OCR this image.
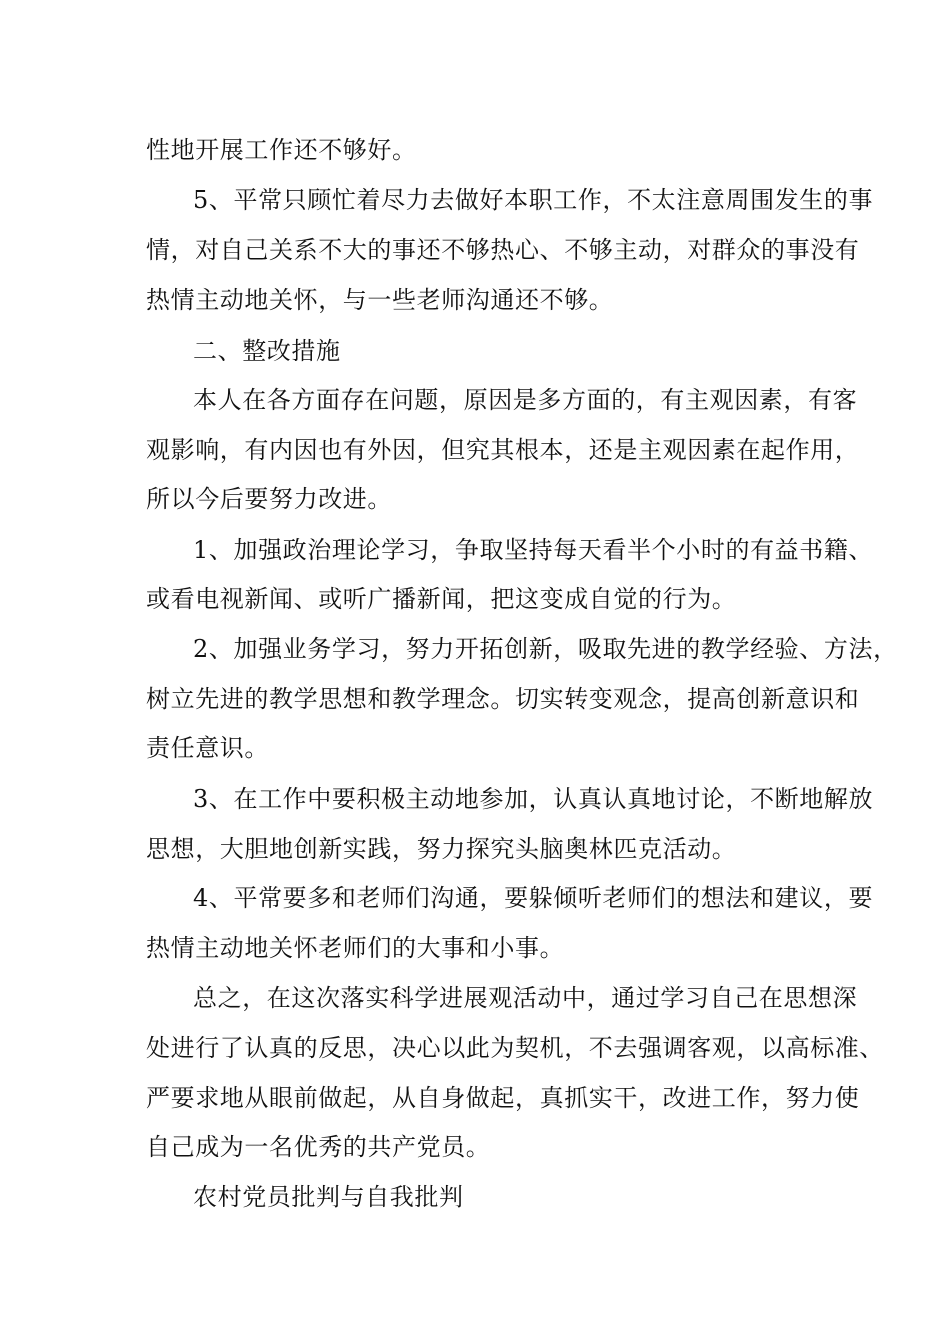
性地开展工作还不够好。
5、平常只顾忙着尽力去做好本职工作，不太注意周围发生的事
情，对自己关系不大的事还不够热心、不够主动，对群众的事没有
热情主动地关怀，与一些老师沟通还不够。
二、整改措施
本人在各方面存在问题，原因是多方面的，有主观因素，有客
观影响，有内因也有外因，但究其根本，还是主观因素在起作用，
所以今后要努力改进。
1、加强政治理论学习，争取坚持每天看半个小时的有益书籍、
或看电视新闻、或听广播新闻，把这变成自觉的行为。
2、加强业务学习，努力开拓创新，吸取先进的教学经验、方法，
树立先进的教学思想和教学理念。切实转变观念，提高创新意识和
责任意识。
3、在工作中要积极主动地参加，认真认真地讨论，不断地解放
思想，大胆地创新实践，努力探究头脑奥林匹克活动。
4、平常要多和老师们沟通，要躲倾听老师们的想法和建议，要
热情主动地关怀老师们的大事和小事。
总之，在这次落实科学进展观活动中，通过学习自己在思想深
处进行了认真的反思，决心以此为契机，不去强调客观，以高标准、
严要求地从眼前做起，从自身做起，真抓实干，改进工作，努力使
自己成为一名优秀的共产党员。
农村党员批判与自我批判
